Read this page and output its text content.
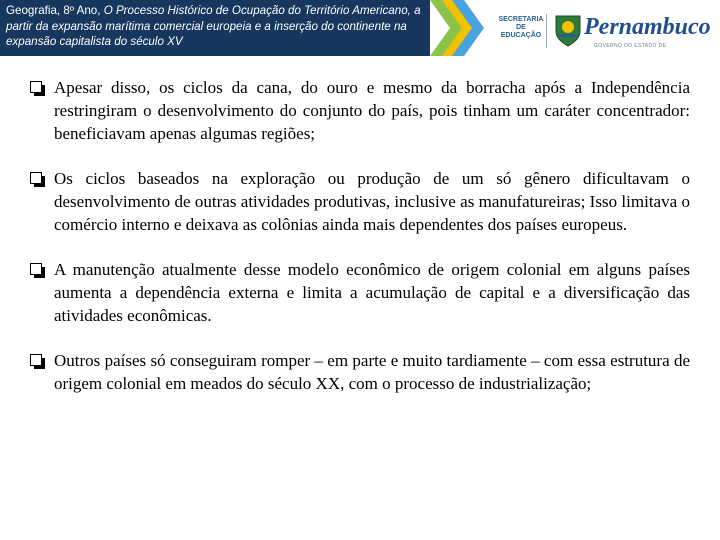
Geografia, 8º Ano, O Processo Histórico de Ocupação do Território Americano, a partir da expansão marítima comercial europeia e a inserção do continente na expansão capitalista do século XV
SECRETARIA
DE EDUCAÇÃO Pernambuco
GOVERNO DO ESTADO DE
Apesar disso, os ciclos da cana, do ouro e mesmo da borracha após a Independência restringiram o desenvolvimento do conjunto do país, pois tinham um caráter concentrador: beneficiavam apenas algumas regiões;
Os ciclos baseados na exploração ou produção de um só gênero dificultavam o desenvolvimento de outras atividades produtivas, inclusive as manufatureiras; Isso limitava o comércio interno e deixava as colônias ainda mais dependentes dos países europeus.
A manutenção atualmente desse modelo econômico de origem colonial em alguns países aumenta a dependência externa e limita a acumulação de capital e a diversificação das atividades econômicas.
Outros países só conseguiram romper – em parte e muito tardiamente – com essa estrutura de origem colonial em meados do século XX, com o processo de industrialização;
